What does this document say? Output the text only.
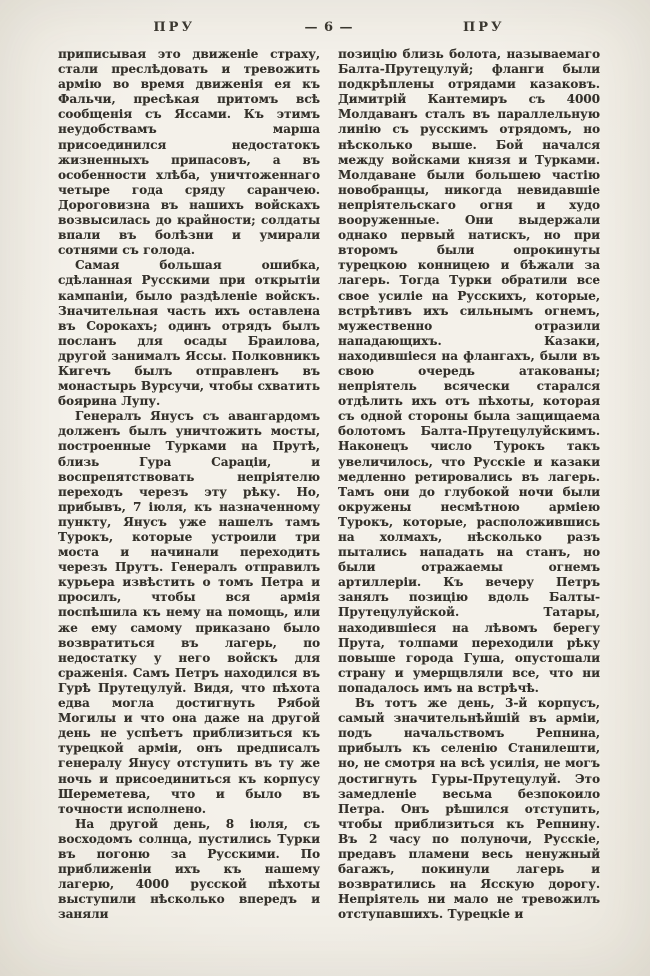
ПРУ	— 6 —	ПРУ

приписывая это движеніе страху, стали преслѣдовать и тревожить армію во время движенія ея къ Фальчи, пресѣкая притомъ всѣ сообщенія съ Яссами. Къ этимъ неудобствамъ марша присоединился недостатокъ жизненныхъ припасовъ, а въ особенности хлѣба, уничтоженнаго четыре года сряду саранчею. Дороговизна въ нашихъ войскахъ возвысилась до крайности; солдаты впали въ болѣзни и умирали сотнями съ голода.

Самая большая ошибка, сдѣланная Русскими при открытіи кампаніи, было раздѣленіе войскъ. Значительная часть ихъ оставлена въ Сорокахъ; одинъ отрядъ былъ посланъ для осады Браилова, другой занималъ Яссы. Полковникъ Кигечъ былъ отправленъ въ монастырь Вурсучи, чтобы схватить боярина Лупу.

Генералъ Янусъ съ авангардомъ долженъ былъ уничтожить мосты, построенные Турками на Прутѣ, близь Гура Сараціи, и воспрепятствовать непріятелю переходъ черезъ эту рѣку. Но, прибывъ, 7 іюля, къ назначенному пункту, Янусъ уже нашелъ тамъ Турокъ, которые устроили три моста и начинали переходить черезъ Прутъ. Генералъ отправилъ курьера извѣстить о томъ Петра и просилъ, чтобы вся армія поспѣшила къ нему на помощь, или же ему самому приказано было возвратиться въ лагерь, по недостатку у него войскъ для сраженія. Самъ Петръ находился въ Гурѣ Прутецулуй. Видя, что пѣхота едва могла достигнуть Рябой Могилы и что она даже на другой день не успѣетъ приблизиться къ турецкой арміи, онъ предписалъ генералу Янусу отступить въ ту же ночь и присоединиться къ корпусу Шереметева, что и было въ точности исполнено.

На другой день, 8 іюля, съ восходомъ солнца, пустились Турки въ погоню за Русскими. По приближеніи ихъ къ нашему лагерю, 4000 русской пѣхоты выступили нѣсколько впередъ и заняли

позицію близь болота, называемаго Балта-Прутецулуй; фланги были подкрѣплены отрядами казаковъ. Димитрій Кантемиръ съ 4000 Молдаванъ сталъ въ параллельную линію съ русскимъ отрядомъ, но нѣсколько выше. Бой начался между войсками князя и Турками. Молдаване были большею частію новобранцы, никогда невидавшіе непріятельскаго огня и худо вооруженные. Они выдержали однако первый натискъ, но при второмъ были опрокинуты турецкою конницею и бѣжали за лагерь. Тогда Турки обратили все свое усиліе на Русскихъ, которые, встрѣтивъ ихъ сильнымъ огнемъ, мужественно отразили нападающихъ. Казаки, находившіеся на флангахъ, были въ свою очередь атакованы; непріятель всячески старался отдѣлить ихъ отъ пѣхоты, которая съ одной стороны была защищаема болотомъ Балта-Прутецулуйскимъ. Наконецъ число Турокъ такъ увеличилось, что Русскіе и казаки медленно ретировались въ лагерь. Тамъ они до глубокой ночи были окружены несмѣтною арміею Турокъ, которые, расположившись на холмахъ, нѣсколько разъ пытались нападать на станъ, но были отражаемы огнемъ артиллеріи. Къ вечеру Петръ занялъ позицію вдоль Балты-Прутецулуйской. Татары, находившіеся на лѣвомъ берегу Прута, толпами переходили рѣку повыше города Гуша, опустошали страну и умерщвляли все, что ни попадалось имъ на встрѣчѣ.

Въ тотъ же день, 3-й корпусъ, самый значительнѣйшій въ арміи, подъ начальствомъ Репнина, прибылъ къ селенію Станилешти, но, не смотря на всѣ усилія, не могъ достигнуть Гуры-Прутецулуй. Это замедленіе весьма безпокоило Петра. Онъ рѣшился отступить, чтобы приблизиться къ Репнину. Въ 2 часу по полуночи, Русскіе, предавъ пламени весь ненужный багажъ, покинули лагерь и возвратились на Ясскую дорогу. Непріятель ни мало не тревожилъ отступавшихъ. Турецкіе и
